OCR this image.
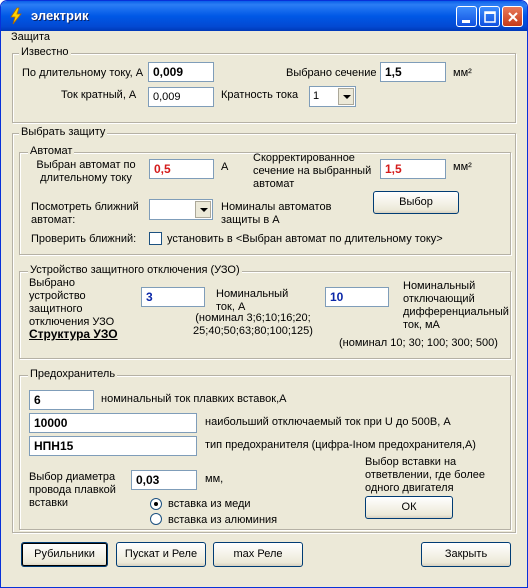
электрик
Защита
Известно
По длительному току, А 0,009	Выбрано сечение 1,5	мм²
Ток кратный, А	0,009	Кратность тока 1
Выбрать защиту
Автомат
Выбран автомат по длительному току
0,5	А
Скорректированное сечение на выбранный автомат
1,5	мм²
Посмотреть ближний автомат:
Номиналы автоматов защиты в А
Выбор
Проверить ближний:	установить в <Выбран автомат по длительному току>
Устройство защитного отключения (УЗО)
Выбрано устройство защитного отключения УЗО
3	Номинальный ток, А
(номинал 3;6;10;16;20; 25;40;50;63;80;100;125)
10
Номинальный отключающий дифференциальный ток, мА
(номинал 10; 30; 100; 300; 500)
Структура УЗО
Предохранитель
6	номинальный ток плавких вставок,А
10000	наибольший отключаемый ток при U до 500В, А
НПН15	тип предохранителя (цифра-Iном предохранителя,А)
Выбор диаметра провода плавкой вставки
0,03	мм,
Выбор вставки на ответвлении, где более одного двигателя
ОК
вставка из меди
вставка из алюминия
Рубильники	Пускат и Реле	max Реле	Закрыть
